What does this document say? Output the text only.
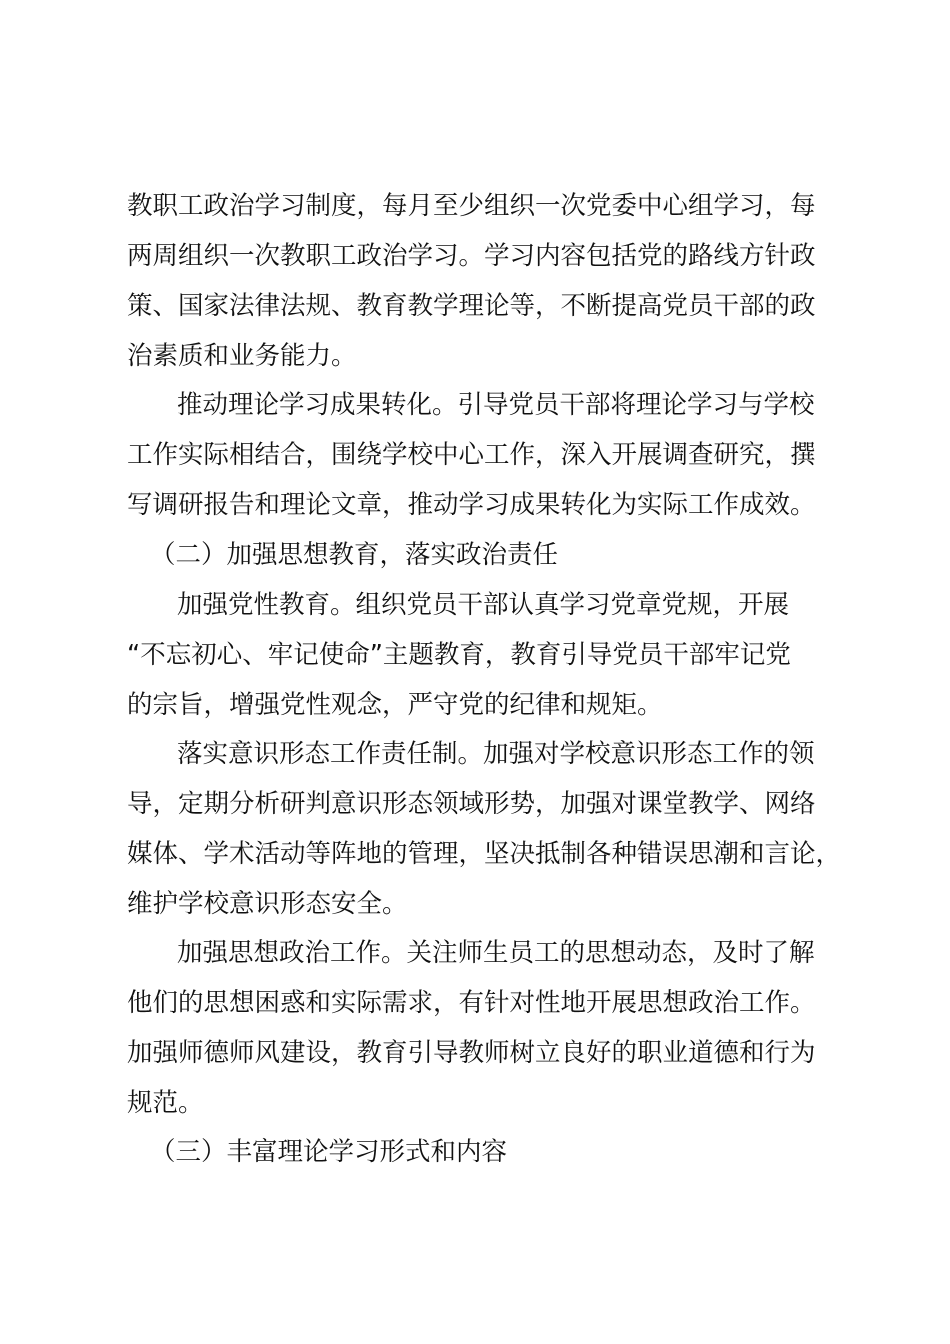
教职工政治学习制度，每月至少组织一次党委中心组学习，每

两周组织一次教职工政治学习。学习内容包括党的路线方针政

策、国家法律法规、教育教学理论等，不断提高党员干部的政

治素质和业务能力。

推动理论学习成果转化。引导党员干部将理论学习与学校

工作实际相结合，围绕学校中心工作，深入开展调查研究，撰

写调研报告和理论文章，推动学习成果转化为实际工作成效。

（二）加强思想教育，落实政治责任

加强党性教育。组织党员干部认真学习党章党规，开展

“不忘初心、牢记使命”主题教育，教育引导党员干部牢记党

的宗旨，增强党性观念，严守党的纪律和规矩。

落实意识形态工作责任制。加强对学校意识形态工作的领

导，定期分析研判意识形态领域形势，加强对课堂教学、网络

媒体、学术活动等阵地的管理，坚决抵制各种错误思潮和言论，

维护学校意识形态安全。

加强思想政治工作。关注师生员工的思想动态，及时了解

他们的思想困惑和实际需求，有针对性地开展思想政治工作。

加强师德师风建设，教育引导教师树立良好的职业道德和行为

规范。

（三）丰富理论学习形式和内容
